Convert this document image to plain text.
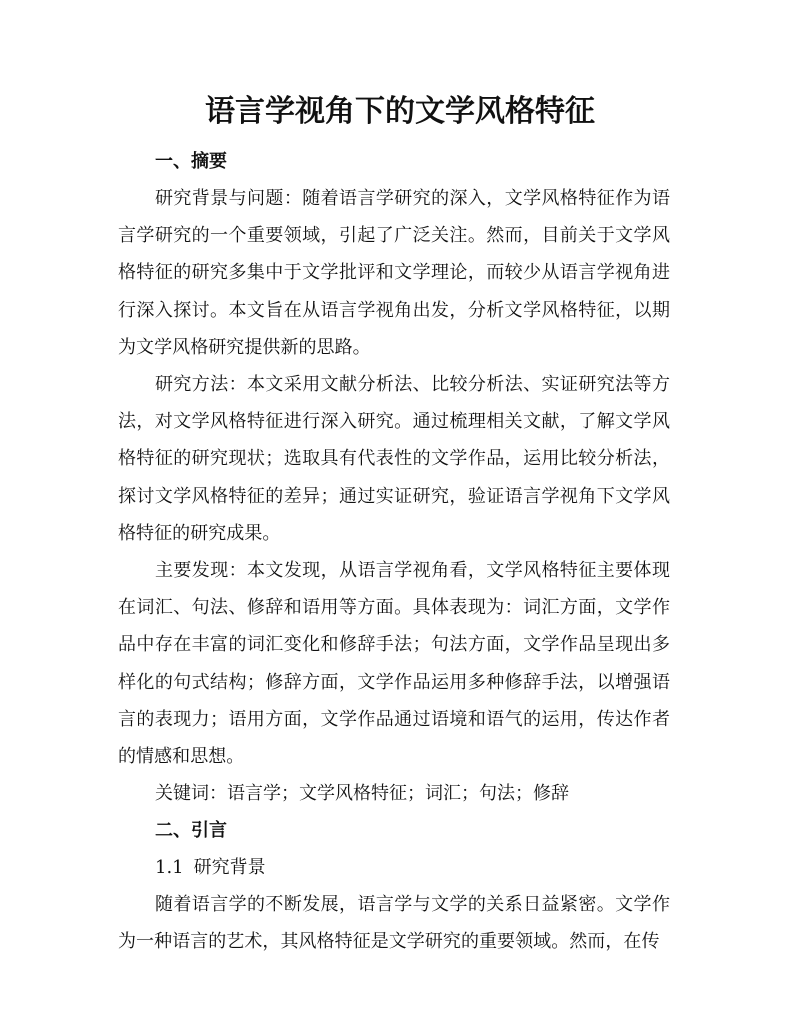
语言学视角下的文学风格特征
一、摘要

研究背景与问题：随着语言学研究的深入，文学风格特征作为语言学研究的一个重要领域，引起了广泛关注。然而，目前关于文学风格特征的研究多集中于文学批评和文学理论，而较少从语言学视角进行深入探讨。本文旨在从语言学视角出发，分析文学风格特征，以期为文学风格研究提供新的思路。

研究方法：本文采用文献分析法、比较分析法、实证研究法等方法，对文学风格特征进行深入研究。通过梳理相关文献，了解文学风格特征的研究现状；选取具有代表性的文学作品，运用比较分析法，探讨文学风格特征的差异；通过实证研究，验证语言学视角下文学风格特征的研究成果。

主要发现：本文发现，从语言学视角看，文学风格特征主要体现在词汇、句法、修辞和语用等方面。具体表现为：词汇方面，文学作品中存在丰富的词汇变化和修辞手法；句法方面，文学作品呈现出多样化的句式结构；修辞方面，文学作品运用多种修辞手法，以增强语言的表现力；语用方面，文学作品通过语境和语气的运用，传达作者的情感和思想。

关键词：语言学；文学风格特征；词汇；句法；修辞
二、引言
1.1 研究背景

随着语言学的不断发展，语言学与文学的关系日益紧密。文学作为一种语言的艺术，其风格特征是文学研究的重要领域。然而，在传
